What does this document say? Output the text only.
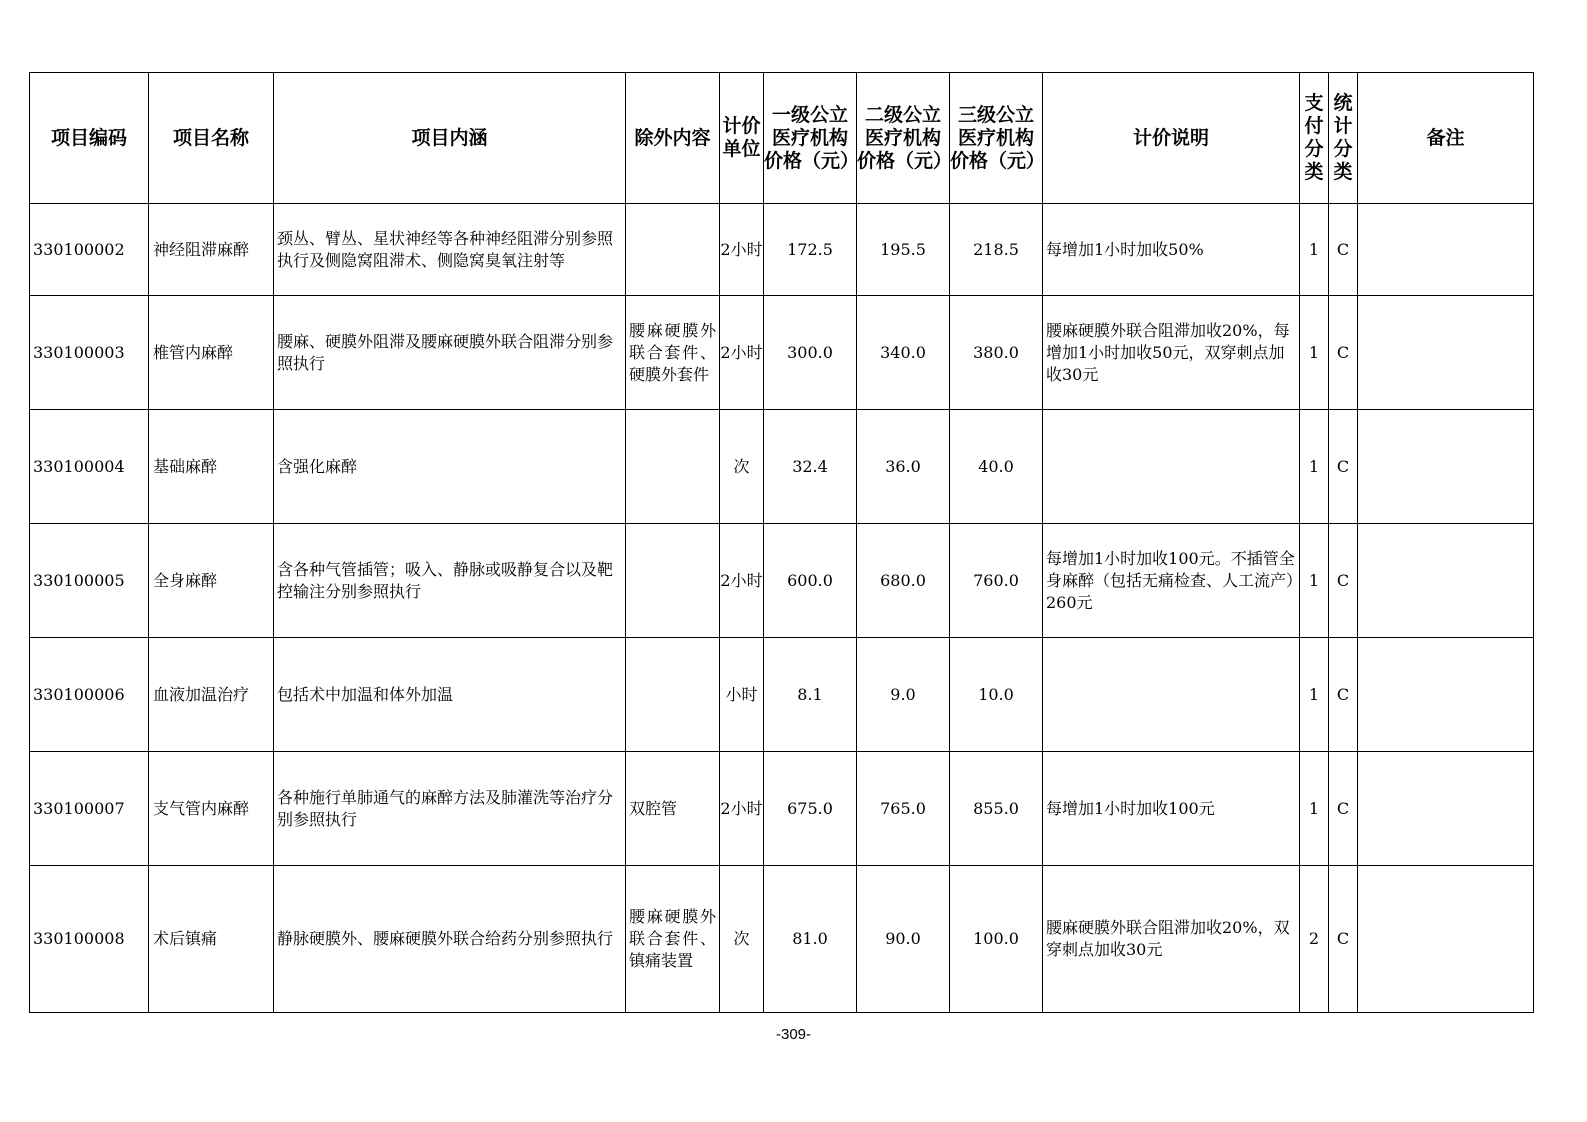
项目编码	项目名称	项目内涵	除外内容	计价单位	一级公立医疗机构价格（元）	二级公立医疗机构价格（元）	三级公立医疗机构价格（元）	计价说明	支付分类	统计分类	备注
330100002	神经阻滞麻醉	颈丛、臂丛、星状神经等各种神经阻滞分别参照执行及侧隐窝阻滞术、侧隐窝臭氧注射等		2小时	172.5	195.5	218.5	每增加1小时加收50%	1	C	
330100003	椎管内麻醉	腰麻、硬膜外阻滞及腰麻硬膜外联合阻滞分别参照执行	腰麻硬膜外联合套件、硬膜外套件	2小时	300.0	340.0	380.0	腰麻硬膜外联合阻滞加收20%，每增加1小时加收50元，双穿刺点加收30元	1	C	
330100004	基础麻醉	含强化麻醉		次	32.4	36.0	40.0		1	C	
330100005	全身麻醉	含各种气管插管；吸入、静脉或吸静复合以及靶控输注分别参照执行		2小时	600.0	680.0	760.0	每增加1小时加收100元。不插管全身麻醉（包括无痛检查、人工流产）260元	1	C	
330100006	血液加温治疗	包括术中加温和体外加温		小时	8.1	9.0	10.0		1	C	
330100007	支气管内麻醉	各种施行单肺通气的麻醉方法及肺灌洗等治疗分别参照执行	双腔管	2小时	675.0	765.0	855.0	每增加1小时加收100元	1	C	
330100008	术后镇痛	静脉硬膜外、腰麻硬膜外联合给药分别参照执行	腰麻硬膜外联合套件、镇痛装置	次	81.0	90.0	100.0	腰麻硬膜外联合阻滞加收20%，双穿刺点加收30元	2	C	
-309-
